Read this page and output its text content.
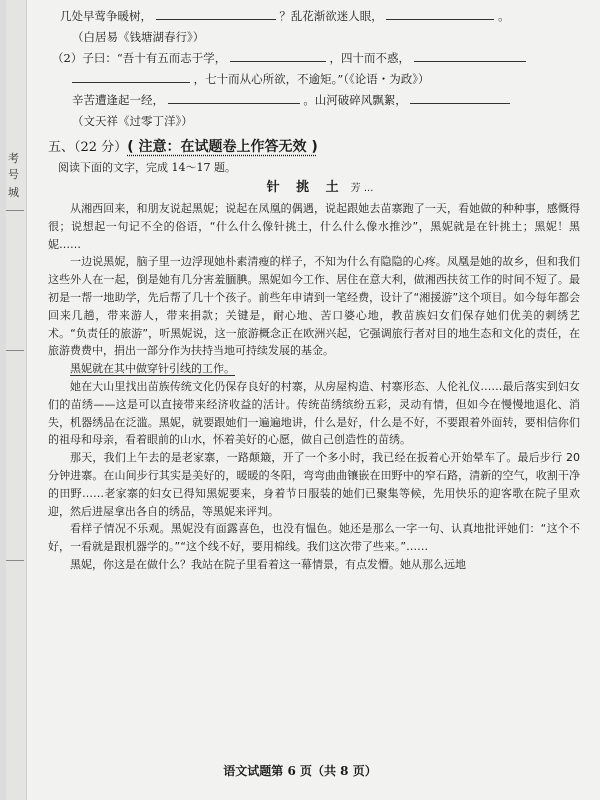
考
号
城
几处早莺争暖树，	？乱花渐欲迷人眼，	。
（白居易《钱塘湖春行》）
（2）子曰：“吾十有五而志于学，	，四十而不惑，
，七十而从心所欲，不逾矩。”（《论语・为政》）
辛苦遭逢起一经，	。山河破碎风飘絮，
（文天祥《过零丁洋》）
五、（22 分）( 注意：在试题卷上作答无效 )
阅读下面的文字，完成 14～17 题。
针 挑 土 芳 ...

从湘西回来，和朋友说起黑妮；说起在凤凰的偶遇，说起跟她去苗寨跑了一天，看她做的种种事，感慨得很；说想起一句记不全的俗语，“什么什么像针挑土，什么什么像水推沙”，黑妮就是在针挑土；黑妮！黑妮……

一边说黑妮，脑子里一边浮现她朴素清瘦的样子，不知为什么有隐隐的心疼。凤凰是她的故乡，但和我们这些外人在一起，倒是她有几分害羞腼腆。黑妮如今工作、居住在意大利，做湘西扶贫工作的时间不短了。最初是一帮一地助学，先后帮了几十个孩子。前些年申请到一笔经费，设计了“湘援游”这个项目。如今每年都会回来几趟，带来游人，带来捐款；关键是，耐心地、苦口婆心地，教苗族妇女们保存她们优美的刺绣艺术。“负责任的旅游”，听黑妮说，这一旅游概念正在欧洲兴起，它强调旅行者对目的地生态和文化的责任，在旅游费费中，捐出一部分作为扶持当地可持续发展的基金。

黑妮就在其中做穿针引线的工作。

她在大山里找出苗族传统文化仍保存良好的村寨，从房屋构造、村寨形态、人伦礼仪……最后落实到妇女们的苗绣——这是可以直接带来经济收益的活计。传统苗绣缤纷五彩，灵动有情，但如今在慢慢地退化、消失，机器绣品在泛滥。黑妮，就要跟她们一遍遍地讲，什么是好，什么是不好，不要跟着外面转，要相信你们的祖母和母亲，看着眼前的山水，怀着美好的心愿，做自己创造性的苗绣。

那天，我们上午去的是老家寨，一路颠簸，开了一个多小时，我已经在扳着心开始晕车了。最后步行 20 分钟进寨。在山间步行其实是美好的，暖暖的冬阳，弯弯曲曲镶嵌在田野中的窄石路，清新的空气，收割干净的田野……老家寨的妇女已得知黑妮要来，身着节日服装的她们已聚集等候，先用快乐的迎客歌在院子里欢迎，然后进屋拿出各自的绣品，等黑妮来评判。

看样子情况不乐观。黑妮没有面露喜色，也没有愠色。她还是那么一字一句、认真地批评她们：“这个不好，一看就是跟机器学的。”“这个线不好，要用棉线。我们这次带了些来。”……

黑妮，你这是在做什么？我站在院子里看着这一幕情景，有点发懵。她从那么远地

语文试题第 6 页（共 8 页）
